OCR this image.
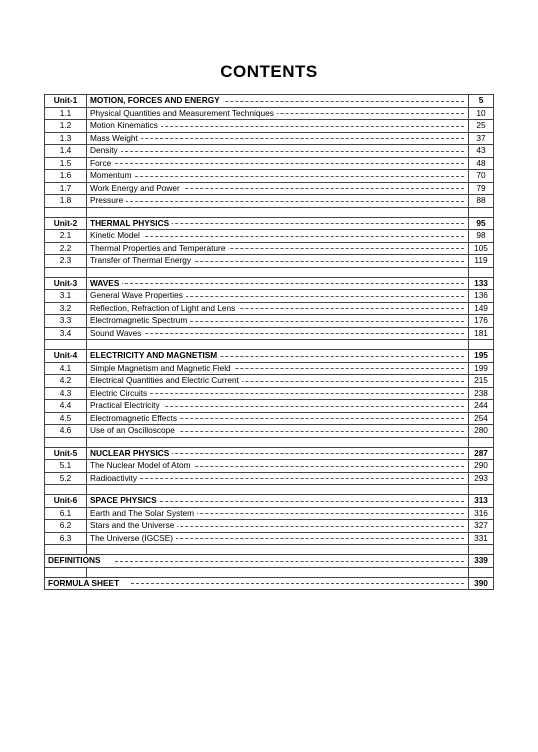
CONTENTS
Unit-1	MOTION, FORCES AND ENERGY	5
1.1	Physical Quantities and Measurement Techniques	10
1.2	Motion Kinematics	25
1.3	Mass Weight	37
1.4	Density	43
1.5	Force	48
1.6	Momentum	70
1.7	Work Energy and Power	79
1.8	Pressure	88

Unit-2	THERMAL PHYSICS	95
2.1	Kinetic Model	98
2.2	Thermal Properties and Temperature	105
2.3	Transfer of Thermal Energy	119

Unit-3	WAVES	133
3.1	General Wave Properties	136
3.2	Reflection, Refraction of Light and Lens	149
3.3	Electromagnetic Spectrum	176
3.4	Sound Waves	181

Unit-4	ELECTRICITY AND MAGNETISM	195
4.1	Simple Magnetism and Magnetic Field	199
4.2	Electrical Quantities and Electric Current	215
4.3	Electric Circuits	238
4.4	Practical Electricity	244
4.5	Electromagnetic Effects	254
4.6	Use of an Oscilloscope	280

Unit-5	NUCLEAR PHYSICS	287
5.1	The Nuclear Model of Atom	290
5.2	Radioactivity	293

Unit-6	SPACE PHYSICS	313
6.1	Earth and The Solar System	316
6.2	Stars and the Universe	327
6.3	The Universe (IGCSE)	331

DEFINITIONS		339

FORMULA SHEET		390
